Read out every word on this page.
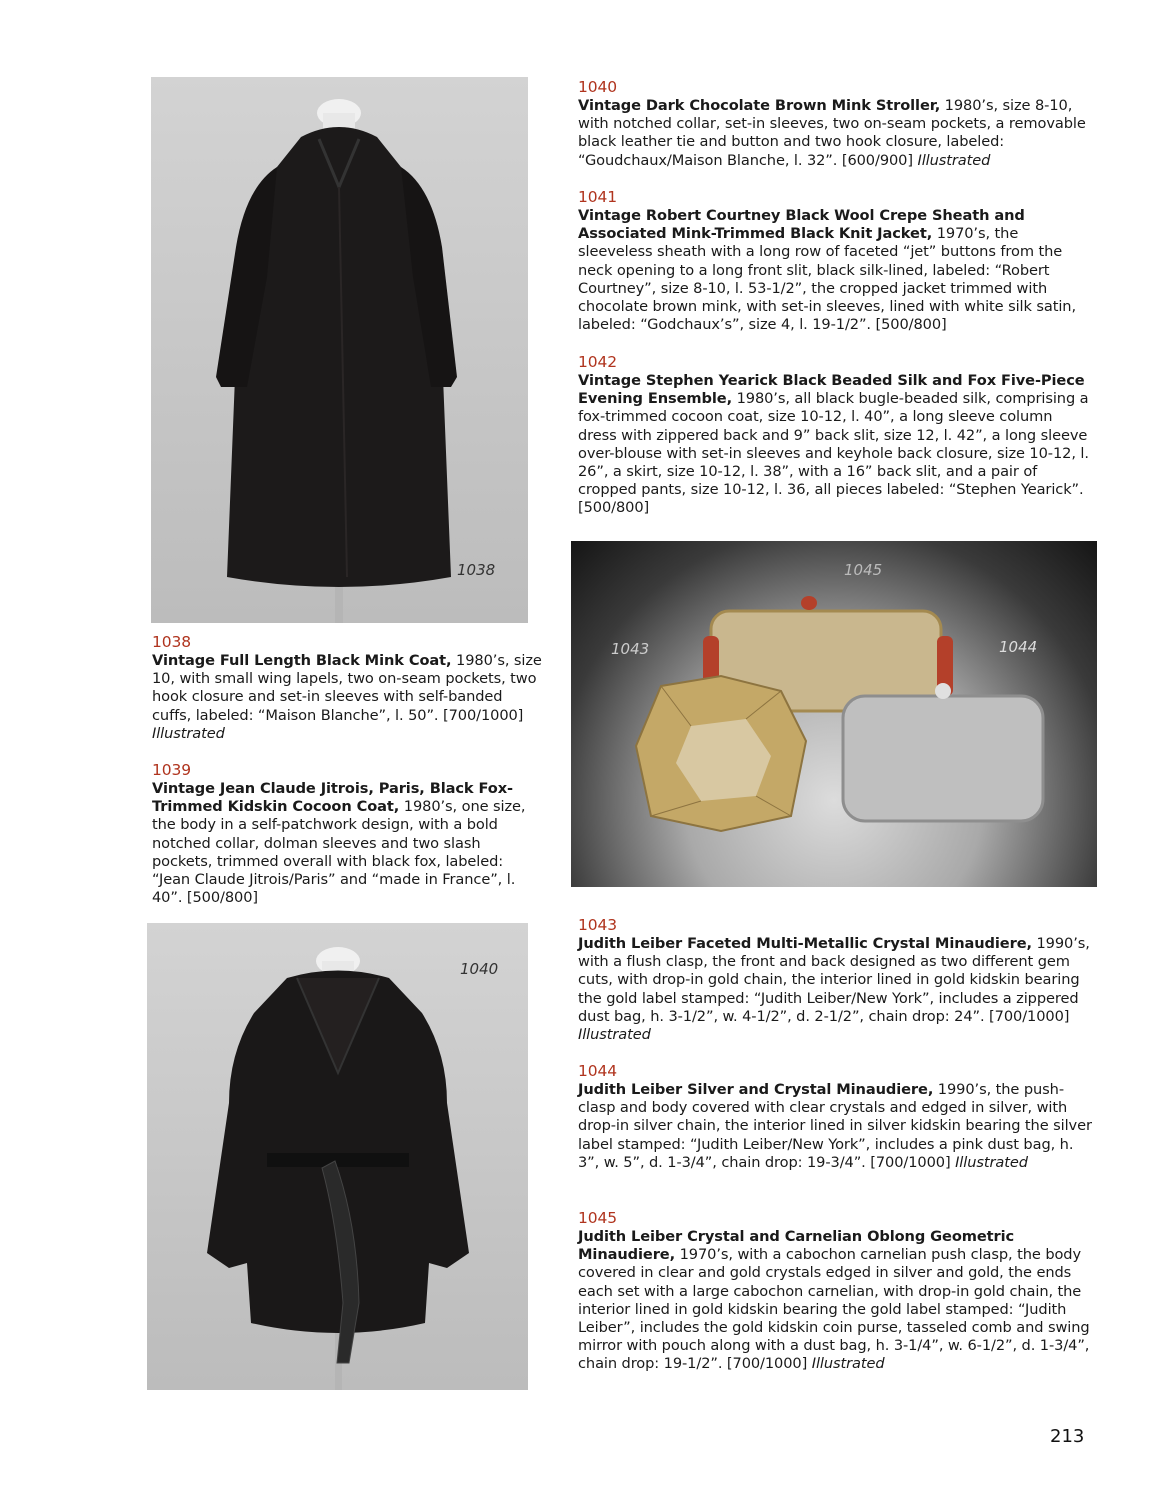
1038	1045
1043	1044
1040
1040
Vintage Dark Chocolate Brown Mink Stroller, 1980’s, size 8-10, with notched collar, set-in sleeves, two on-seam pockets, a removable black leather tie and button and two hook closure, labeled: “Goudchaux/Maison Blanche, l. 32”. [600/900] Illustrated
1041
Vintage Robert Courtney Black Wool Crepe Sheath and Associated Mink-Trimmed Black Knit Jacket, 1970’s, the sleeveless sheath with a long row of faceted “jet” buttons from the neck opening to a long front slit, black silk-lined, labeled: “Robert Courtney”, size 8-10, l. 53-1/2”, the cropped jacket trimmed with chocolate brown mink, with set-in sleeves, lined with white silk satin, labeled: “Godchaux’s”, size 4, l. 19-1/2”. [500/800]
1042
Vintage Stephen Yearick Black Beaded Silk and Fox Five-Piece Evening Ensemble, 1980’s, all black bugle-beaded silk, comprising a fox-trimmed cocoon coat, size 10-12, l. 40”, a long sleeve column dress with zippered back and 9” back slit, size 12, l. 42”, a long sleeve over-blouse with set-in sleeves and keyhole back closure, size 10-12, l. 26”, a skirt, size 10-12, l. 38”, with a 16” back slit, and a pair of cropped pants, size 10-12, l. 36, all pieces labeled: “Stephen Yearick”. [500/800]
1038
Vintage Full Length Black Mink Coat, 1980’s, size 10, with small wing lapels, two on-seam pockets, two hook closure and set-in sleeves with self-banded cuffs, labeled: “Maison Blanche”, l. 50”. [700/1000] Illustrated
1039
Vintage Jean Claude Jitrois, Paris, Black Fox-Trimmed Kidskin Cocoon Coat, 1980’s, one size, the body in a self-patchwork design, with a bold notched collar, dolman sleeves and two slash pockets, trimmed overall with black fox, labeled: “Jean Claude Jitrois/Paris” and “made in France”, l. 40”. [500/800]
1043
Judith Leiber Faceted Multi-Metallic Crystal Minaudiere, 1990’s, with a flush clasp, the front and back designed as two different gem cuts, with drop-in gold chain, the interior lined in gold kidskin bearing the gold label stamped: “Judith Leiber/New York”, includes a zippered dust bag, h. 3-1/2”, w. 4-1/2”, d. 2-1/2”, chain drop: 24”. [700/1000] Illustrated
1044
Judith Leiber Silver and Crystal Minaudiere, 1990’s, the push-clasp and body covered with clear crystals and edged in silver, with drop-in silver chain, the interior lined in silver kidskin bearing the silver label stamped: “Judith Leiber/New York”, includes a pink dust bag, h. 3”, w. 5”, d. 1-3/4”, chain drop: 19-3/4”. [700/1000] Illustrated
1045
Judith Leiber Crystal and Carnelian Oblong Geometric Minaudiere, 1970’s, with a cabochon carnelian push clasp, the body covered in clear and gold crystals edged in silver and gold, the ends each set with a large cabochon carnelian, with drop-in gold chain, the interior lined in gold kidskin bearing the gold label stamped: “Judith Leiber”, includes the gold kidskin coin purse, tasseled comb and swing mirror with pouch along with a dust bag, h. 3-1/4”, w. 6-1/2”, d. 1-3/4”, chain drop: 19-1/2”. [700/1000] Illustrated
213
